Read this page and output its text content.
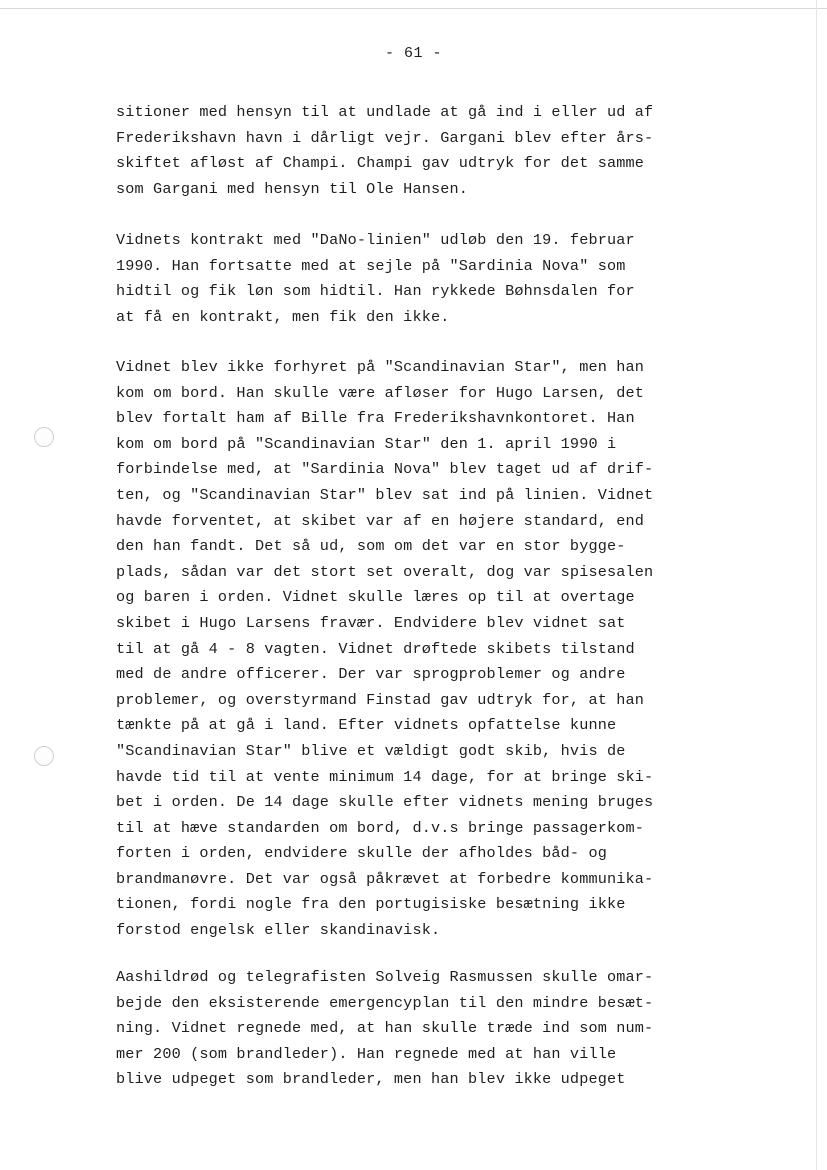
- 61 -

sitioner med hensyn til at undlade at gå ind i eller ud af
Frederikshavn havn i dårligt vejr. Gargani blev efter års-
skiftet afløst af Champi. Champi gav udtryk for det samme
som Gargani med hensyn til Ole Hansen.

Vidnets kontrakt med "DaNo-linien" udløb den 19. februar
1990. Han fortsatte med at sejle på "Sardinia Nova" som
hidtil og fik løn som hidtil. Han rykkede Bøhnsdalen for
at få en kontrakt, men fik den ikke.

Vidnet blev ikke forhyret på "Scandinavian Star", men han
kom om bord. Han skulle være afløser for Hugo Larsen, det
blev fortalt ham af Bille fra Frederikshavnkontoret. Han
kom om bord på "Scandinavian Star" den 1. april 1990 i
forbindelse med, at "Sardinia Nova" blev taget ud af drif-
ten, og "Scandinavian Star" blev sat ind på linien. Vidnet
havde forventet, at skibet var af en højere standard, end
den han fandt. Det så ud, som om det var en stor bygge-
plads, sådan var det stort set overalt, dog var spisesalen
og baren i orden. Vidnet skulle læres op til at overtage
skibet i Hugo Larsens fravær. Endvidere blev vidnet sat
til at gå 4 - 8 vagten. Vidnet drøftede skibets tilstand
med de andre officerer. Der var sprogproblemer og andre
problemer, og overstyrmand Finstad gav udtryk for, at han
tænkte på at gå i land. Efter vidnets opfattelse kunne
"Scandinavian Star" blive et vældigt godt skib, hvis de
havde tid til at vente minimum 14 dage, for at bringe ski-
bet i orden. De 14 dage skulle efter vidnets mening bruges
til at hæve standarden om bord, d.v.s bringe passagerkom-
forten i orden, endvidere skulle der afholdes båd- og
brandmanøvre. Det var også påkrævet at forbedre kommunika-
tionen, fordi nogle fra den portugisiske besætning ikke
forstod engelsk eller skandinavisk.

Aashildrød og telegrafisten Solveig Rasmussen skulle omar-
bejde den eksisterende emergencyplan til den mindre besæt-
ning. Vidnet regnede med, at han skulle træde ind som num-
mer 200 (som brandleder). Han regnede med at han ville
blive udpeget som brandleder, men han blev ikke udpeget
